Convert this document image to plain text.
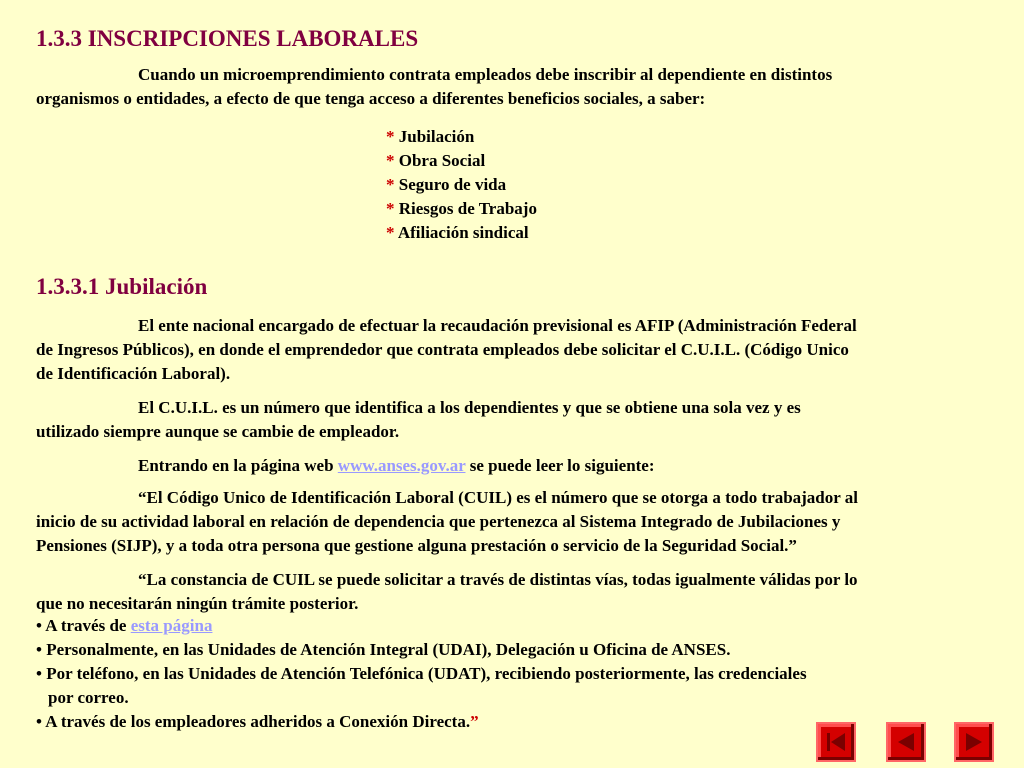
1.3.3 INSCRIPCIONES LABORALES

Cuando un microemprendimiento contrata empleados debe inscribir al dependiente en distintos
organismos o entidades, a efecto de que tenga acceso a diferentes beneficios sociales, a saber:

* Jubilación
* Obra Social
* Seguro de vida
* Riesgos de Trabajo
* Afiliación sindical
1.3.3.1 Jubilación

El ente nacional encargado de efectuar la recaudación previsional es AFIP (Administración Federal
de Ingresos Públicos), en donde el emprendedor que contrata empleados debe solicitar el C.U.I.L. (Código Unico
de Identificación Laboral).

El C.U.I.L. es un número que identifica a los dependientes y que se obtiene una sola vez y es
utilizado siempre aunque se cambie de empleador.

Entrando en la página web www.anses.gov.ar se puede leer lo siguiente:

“El Código Unico de Identificación Laboral (CUIL) es el número que se otorga a todo trabajador al
inicio de su actividad laboral en relación de dependencia que pertenezca al Sistema Integrado de Jubilaciones y
Pensiones (SIJP), y a toda otra persona que gestione alguna prestación o servicio de la Seguridad Social.”

“La constancia de CUIL se puede solicitar a través de distintas vías, todas igualmente válidas por lo
que no necesitarán ningún trámite posterior.

• A través de esta página
• Personalmente, en las Unidades de Atención Integral (UDAI), Delegación u Oficina de ANSES.
• Por teléfono, en las Unidades de Atención Telefónica (UDAT), recibiendo posteriormente, las credenciales
por correo.
• A través de los empleadores adheridos a Conexión Directa.”
